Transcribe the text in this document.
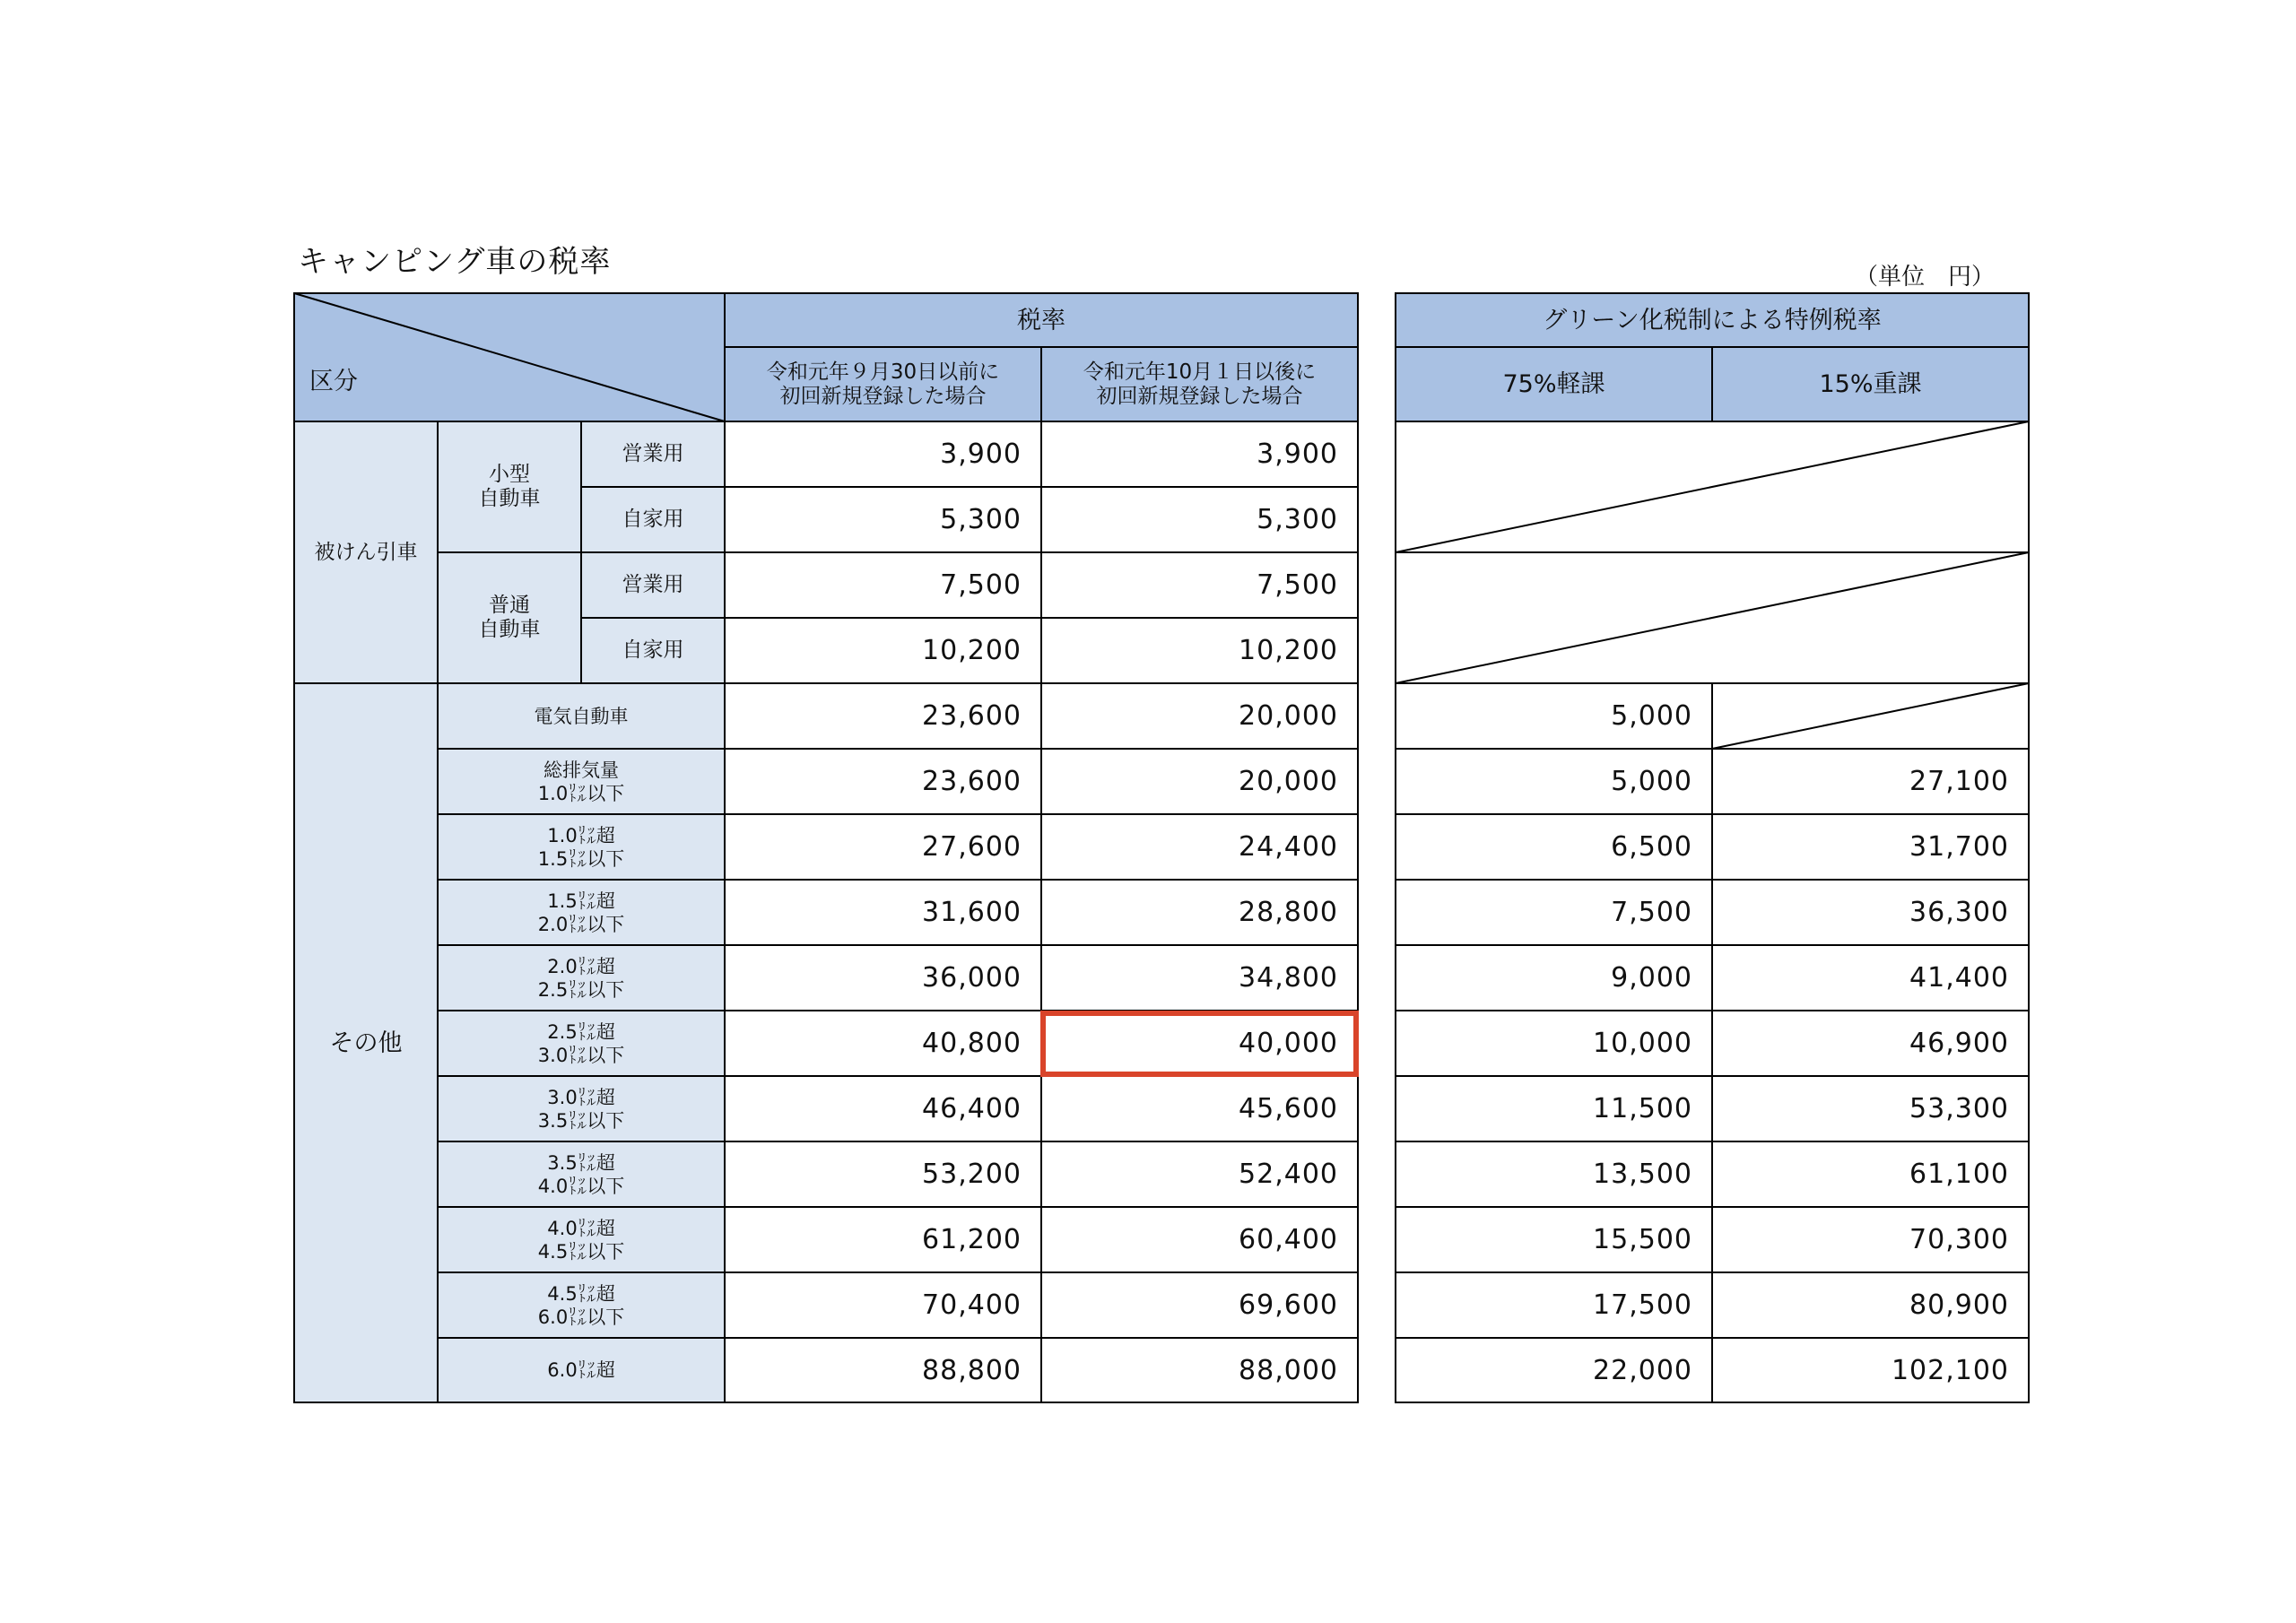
キャンピング車の税率	（単位　円）
区分
税率
令和元年９月30日以前に
初回新規登録した場合
令和元年10月１日以後に
初回新規登録した場合
グリーン化税制による特例税率
75%軽課	15%重課
被けん引車
小型
自動車
普通
自動車
営業用	3,900	3,900
自家用	5,300	5,300
営業用	7,500	7,500
自家用	10,200	10,200
その他
電気自動車	23,600	20,000	5,000
総排気量
1.0㍑以下	23,600	20,000	5,000	27,100
1.0㍑超
1.5㍑以下	27,600	24,400	6,500	31,700
1.5㍑超
2.0㍑以下	31,600	28,800	7,500	36,300
2.0㍑超
2.5㍑以下	36,000	34,800	9,000	41,400
2.5㍑超
3.0㍑以下	40,800	40,000	10,000	46,900
3.0㍑超
3.5㍑以下	46,400	45,600	11,500	53,300
3.5㍑超
4.0㍑以下	53,200	52,400	13,500	61,100
4.0㍑超
4.5㍑以下	61,200	60,400	15,500	70,300
4.5㍑超
6.0㍑以下	70,400	69,600	17,500	80,900
6.0㍑超	88,800	88,000	22,000	102,100
